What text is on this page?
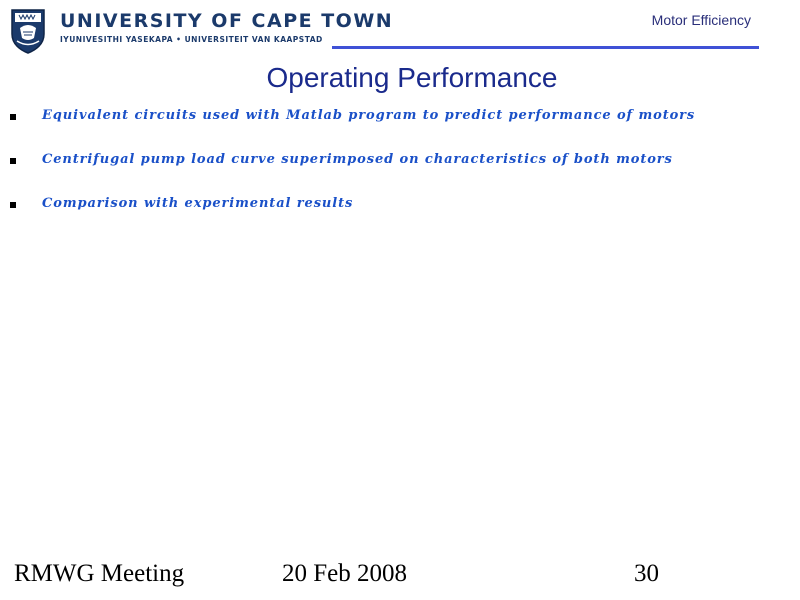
UNIVERSITY OF CAPE TOWN
IYUNIVESITHI YASEKAPA • UNIVERSITEIT VAN KAAPSTAD
Motor Efficiency
Operating Performance
Equivalent circuits used with Matlab program to predict performance of motors
Centrifugal pump load curve superimposed on characteristics of both motors
Comparison with experimental results
RMWG Meeting	20 Feb 2008	30
